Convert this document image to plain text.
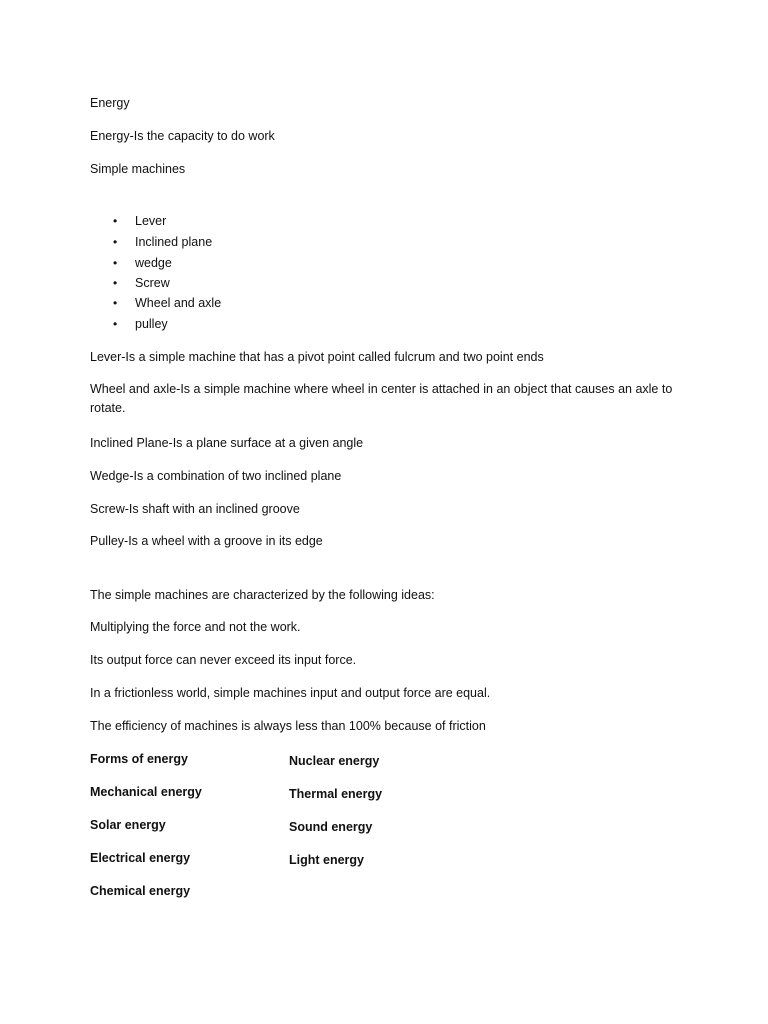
Energy

Energy-Is the capacity to do work

Simple machines

• Lever

• Inclined plane

• wedge

• Screw

• Wheel and axle

• pulley

Lever-Is a simple machine that has a pivot point called fulcrum and two point ends

Wheel and axle-Is a simple machine where wheel in center is attached in an object that causes an axle to rotate.

Inclined Plane-Is a plane surface at a given angle

Wedge-Is a combination of two inclined plane

Screw-Is shaft with an inclined groove

Pulley-Is a wheel with a groove in its edge

The simple machines are characterized by the following ideas:

Multiplying the force and not the work.

Its output force can never exceed its input force.

In a frictionless world, simple machines input and output force are equal.

The efficiency of machines is always less than 100% because of friction

Forms of energy

Mechanical energy

Solar energy

Electrical energy

Chemical energy

Nuclear energy

Thermal energy

Sound energy

Light energy
